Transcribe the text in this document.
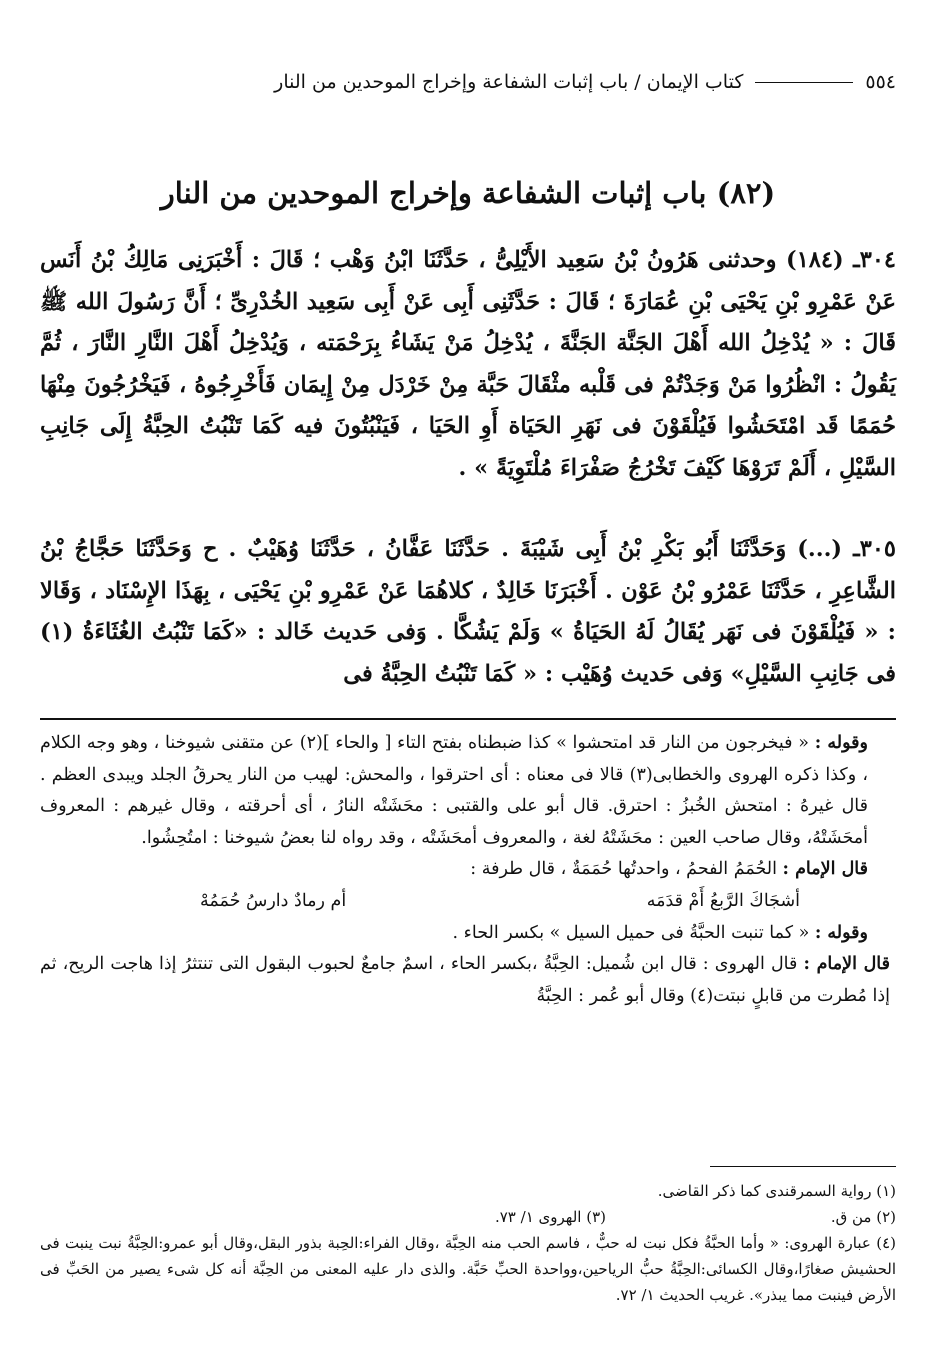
٥٥٤
كتاب الإيمان / باب إثبات الشفاعة وإخراج الموحدين من النار
(٨٢) باب إثبات الشفاعة وإخراج الموحدين من النار
٣٠٤ـ (١٨٤) وحدثنى هَرُونُ بْنُ سَعِيد الأَيْلِىُّ ، حَدَّثَنَا ابْنُ وَهْب ؛ قَالَ : أَخْبَرَنِى مَالِكُ بْنُ أَنَس عَنْ عَمْرِو بْنِ يَحْيَى بْنِ عُمَارَةَ ؛ قَالَ : حَدَّثَنِى أَبِى عَنْ أَبِى سَعِيد الخُدْرِىِّ ؛ أَنَّ رَسُولَ الله ﷺ قَالَ : « يُدْخِلُ الله أَهْلَ الجَنَّة الجَنَّةَ ، يُدْخِلُ مَنْ يَشَاءُ بِرَحْمَته ، وَيُدْخِلُ أَهْلَ النَّارِ النَّارَ ، ثُمَّ يَقُولُ : انْظُرُوا مَنْ وَجَدْتُمْ فى قَلْبه مثْقَالَ حَبَّة مِنْ خَرْدَل مِنْ إِيمَان فَأَخْرِجُوهُ ، فَيَخْرُجُونَ مِنْهَا حُمَمًا قَد امْتَحَشُوا فَيُلْقَوْنَ فى نَهَرِ الحَيَاة أَوِ الحَيَا ، فَيَنْبُتُونَ فيه كَمَا تَنْبُتُ الحِبَّةُ إِلَى جَانِبِ السَّيْلِ ، أَلَمْ تَرَوْهَا كَيْفَ تَخْرُجُ صَفْرَاءَ مُلْتَوِيَةً » .
٣٠٥ـ (...) وَحَدَّثَنَا أَبُو بَكْرِ بْنُ أَبِى شَيْبَةَ . حَدَّثَنَا عَفَّانُ ، حَدَّثَنَا وُهَيْبٌ . ح وَحَدَّثَنَا حَجَّاجُ بْنُ الشَّاعِرِ ، حَدَّثَنَا عَمْرُو بْنُ عَوْن . أَخْبَرَنَا خَالِدٌ ، كلاهُمَا عَنْ عَمْرِو بْنِ يَحْيَى ، بِهَذَا الإِسْنَاد ، وَقَالا : « فَيُلْقَوْنَ فى نَهَر يُقَالُ لَهُ الحَيَاةُ » وَلَمْ يَشُكَّا . وَفى حَديث خَالد : «كَمَا تَنْبُتُ الغُثَاءَةُ (١) فى جَانِبِ السَّيْلِ» وَفى حَديث وُهَيْب : « كَمَا تَنْبُتُ الحِبَّةُ فى

وقوله : « فيخرجون من النار قد امتحشوا » كذا ضبطناه بفتح التاء [ والحاء ](٢) عن متقنى شيوخنا ، وهو وجه الكلام ، وكذا ذكره الهروى والخطابى(٣) قالا فى معناه : أى احترقوا ، والمحش: لهيب من النار يحرقُ الجلد ويبدى العظم . قال غيرهُ : امتحش الخُبزُ : احترق. قال أبو على والقتبى : محَشَتْه النارُ ، أى أحرقته ، وقال غيرهم : المعروف أمحَشَتْهُ، وقال صاحب العين : محَشَتْهُ لغة ، والمعروف أمحَشَتْه ، وقد رواه لنا بعضُ شيوخنا : امتُحِشُوا.

قال الإمام : الحُمَمُ الفحمُ ، واحدتُها حُمَمَةٌ ، قال طرفة :

أشجَاكَ الرَّبعُ أَمْ قدَمَه
أم رمادٌ دارسُ حُمَمُهْ

وقوله : « كما تنبت الحبَّةُ فى حميل السيل » بكسر الحاء .

قال الإمام : قال الهروى : قال ابن شُميل: الحِبَّةُ ،بكسر الحاء ، اسمٌ جامعٌ لحبوب البقول التى تنتثرُ إذا هاجت الريح، ثم إذا مُطرت من قابلٍ نبتت(٤) وقال أبو عُمر : الحِبَّةُ

(١) رواية السمرقندى كما ذكر القاضى.

(٢) من ق.
(٣) الهروى ١/ ٧٣.

(٤) عبارة الهروى: « وأما الحبَّةُ فكل نبت له حبٌّ ، فاسم الحب منه الحِبَّة ،وقال الفراء:الحِبة بذور البقل،وقال أبو عمرو:الحِبَّةُ نبت ينبت فى الحشيش صغارًا،وقال الكسائى:الحِبَّةُ حبُّ الرياحين،وواحدة الحبِّ حَبَّة. والذى دار عليه المعنى من الحِبَّة أنه كل شىء يصير من الحَبِّ فى الأرض فينبت مما يبذر». غريب الحديث ١/ ٧٢.
